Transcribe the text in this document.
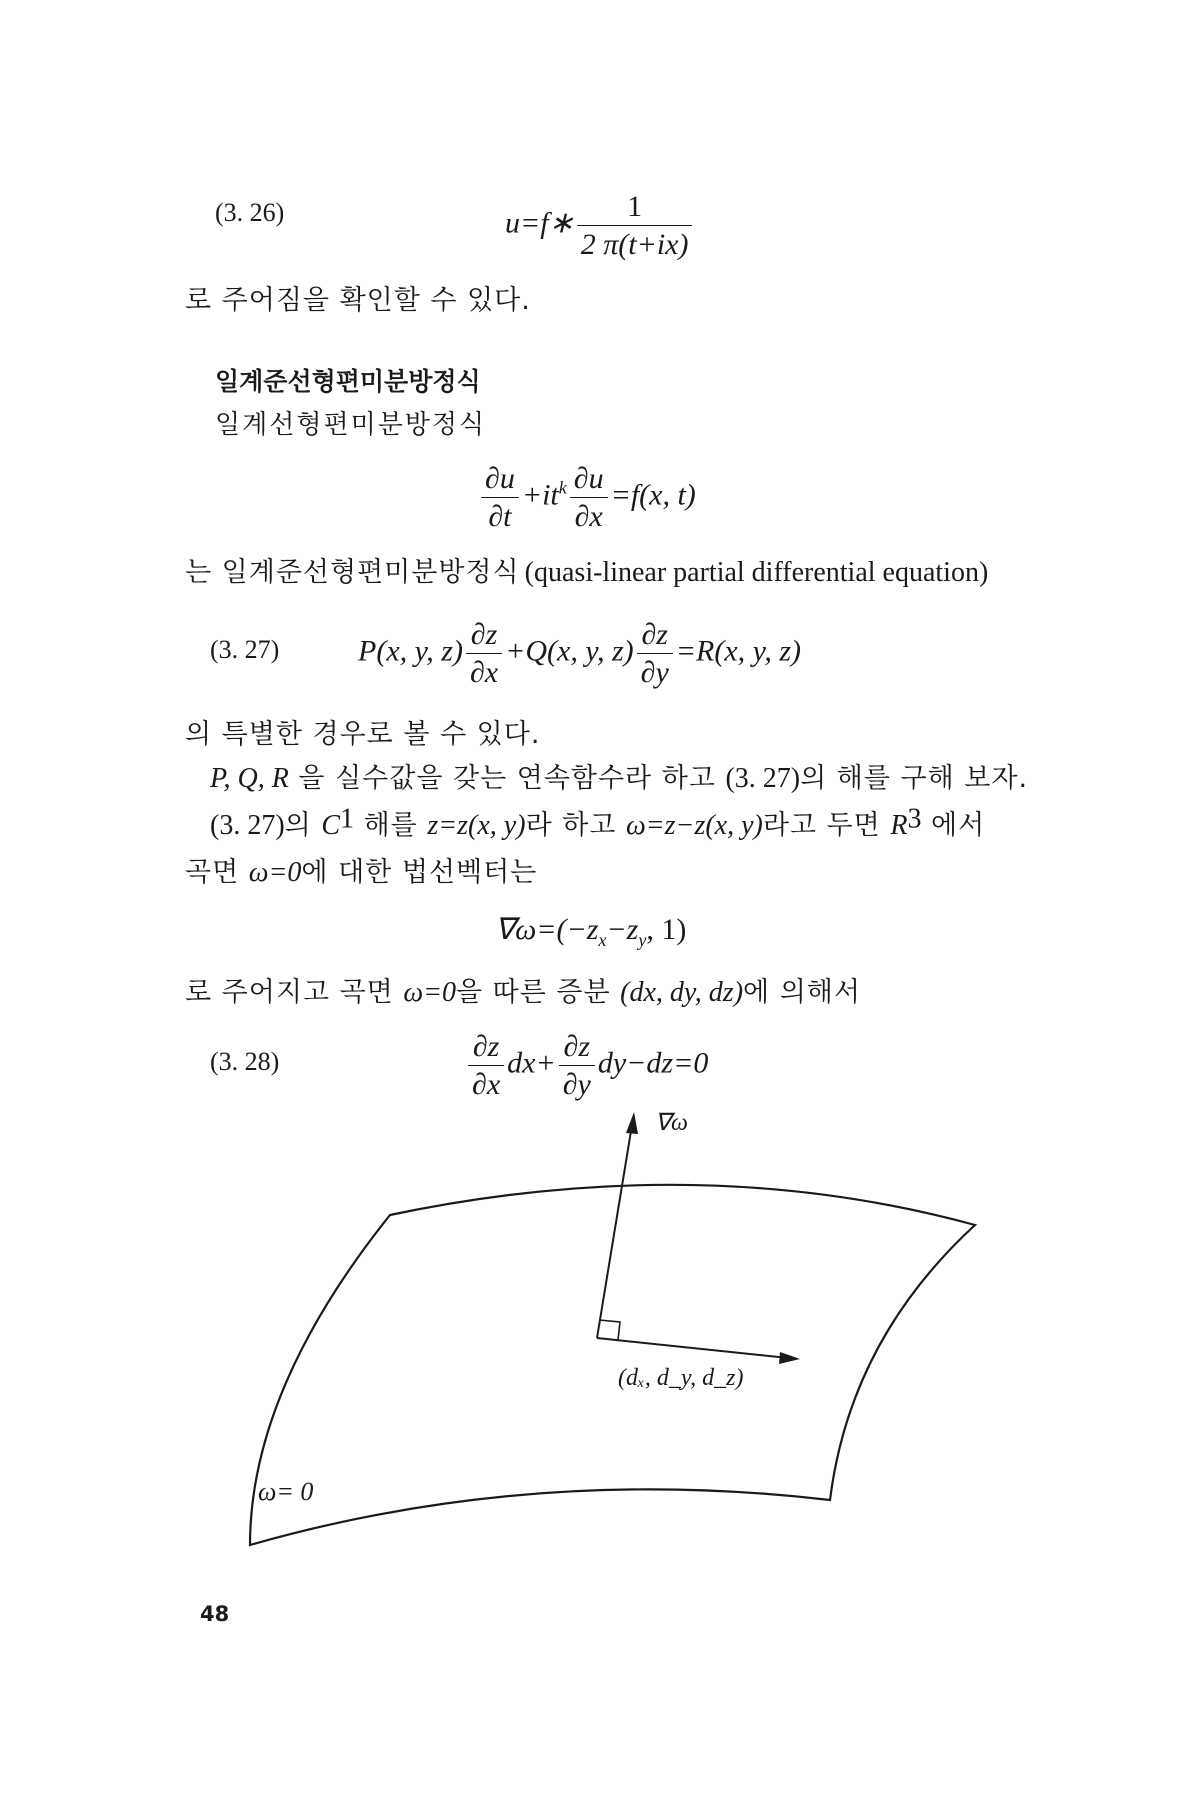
(3. 26)	u=f∗ $\frac{1}{2 \pi(t+ix)}$
로 주어짐을 확인할 수 있다.
일계준선형편미분방정식
일계선형편미분방정식
$\frac{\partial u}{\partial t} +it^k \frac{\partial u}{\partial x} =f(x$, t)
는 일계준선형편미분방정식 (quasi-linear partial differential equation)
(3. 27)	P(x, y, $z) \frac{\partial z}{\partial x} +Q(x$, y, $z) \frac{\partial z}{\partial y} =R(x$, y, z)
의 특별한 경우로 볼 수 있다.
P, Q, R 을 실수값을 갖는 연속함수라 하고 (3. 27)의 해를 구해 보자.
(3. 27)의 C1 해를 z=z(x, y)라 하고 ω=z−z(x, y)라고 두면 R3 에서
곡면 ω=0에 대한 법선벡터는
$\nabla\omega=(-z_x-z_y$, 1)
로 주어지고 곡면 ω=0을 따른 증분 (dx, dy, dz)에 의해서
(3. 28)	$\frac{\partial z}{\partial x} dx+ \frac{\partial z}{\partial y} dy-dz=0$
∇ω
(dₓ, d_y, d_z)
ω= 0
48
